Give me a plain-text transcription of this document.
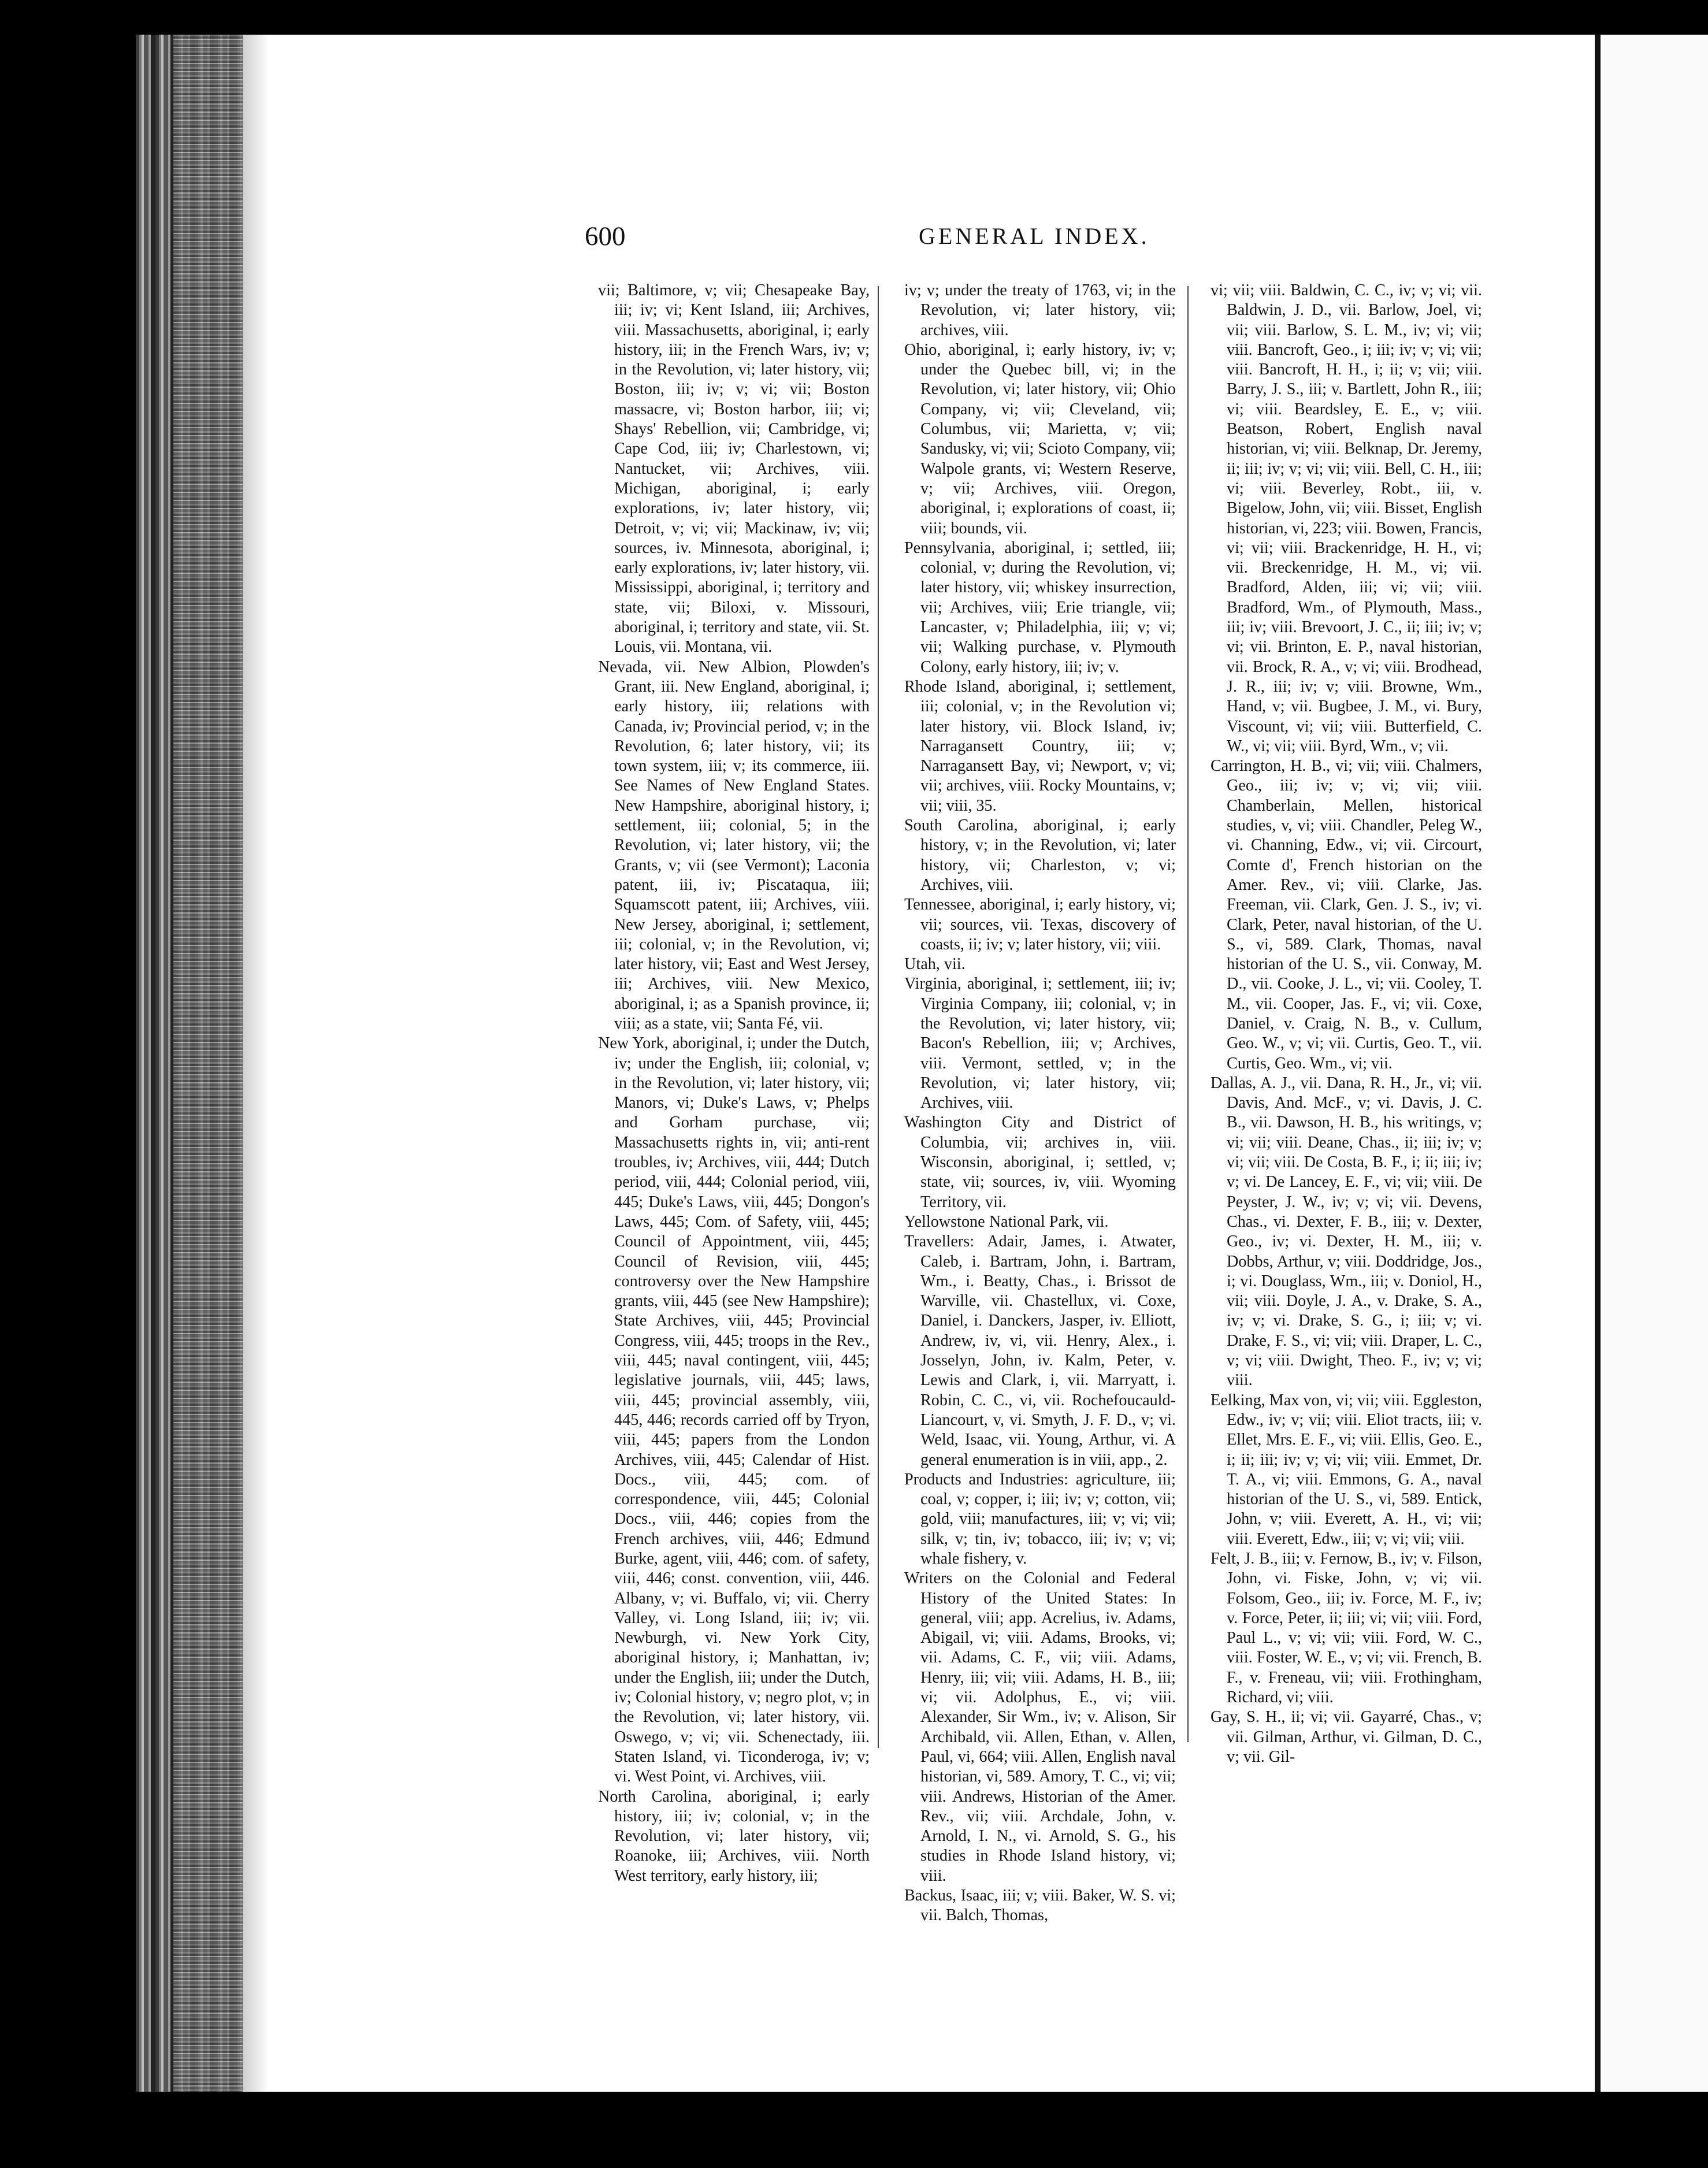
600	GENERAL INDEX.

vii; Baltimore, v; vii; Chesapeake Bay, iii; iv; vi; Kent Island, iii; Archives, viii. Massachusetts, aboriginal, i; early history, iii; in the French Wars, iv; v; in the Revolution, vi; later history, vii; Boston, iii; iv; v; vi; vii; Boston massacre, vi; Boston harbor, iii; vi; Shays' Rebellion, vii; Cambridge, vi; Cape Cod, iii; iv; Charlestown, vi; Nantucket, vii; Archives, viii. Michigan, aboriginal, i; early explorations, iv; later history, vii; Detroit, v; vi; vii; Mackinaw, iv; vii; sources, iv. Minnesota, aboriginal, i; early explorations, iv; later history, vii. Mississippi, aboriginal, i; territory and state, vii; Biloxi, v. Missouri, aboriginal, i; territory and state, vii. St. Louis, vii. Montana, vii.

Nevada, vii. New Albion, Plowden's Grant, iii. New England, aboriginal, i; early history, iii; relations with Canada, iv; Provincial period, v; in the Revolution, 6; later history, vii; its town system, iii; v; its commerce, iii. See Names of New England States. New Hampshire, aboriginal history, i; settlement, iii; colonial, 5; in the Revolution, vi; later history, vii; the Grants, v; vii (see Vermont); Laconia patent, iii, iv; Piscataqua, iii; Squamscott patent, iii; Archives, viii. New Jersey, aboriginal, i; settlement, iii; colonial, v; in the Revolution, vi; later history, vii; East and West Jersey, iii; Archives, viii. New Mexico, aboriginal, i; as a Spanish province, ii; viii; as a state, vii; Santa Fé, vii.

New York, aboriginal, i; under the Dutch, iv; under the English, iii; colonial, v; in the Revolution, vi; later history, vii; Manors, vi; Duke's Laws, v; Phelps and Gorham purchase, vii; Massachusetts rights in, vii; anti-rent troubles, iv; Archives, viii, 444; Dutch period, viii, 444; Colonial period, viii, 445; Duke's Laws, viii, 445; Dongon's Laws, 445; Com. of Safety, viii, 445; Council of Appointment, viii, 445; Council of Revision, viii, 445; controversy over the New Hampshire grants, viii, 445 (see New Hampshire); State Archives, viii, 445; Provincial Congress, viii, 445; troops in the Rev., viii, 445; naval contingent, viii, 445; legislative journals, viii, 445; laws, viii, 445; provincial assembly, viii, 445, 446; records carried off by Tryon, viii, 445; papers from the London Archives, viii, 445; Calendar of Hist. Docs., viii, 445; com. of correspondence, viii, 445; Colonial Docs., viii, 446; copies from the French archives, viii, 446; Edmund Burke, agent, viii, 446; com. of safety, viii, 446; const. convention, viii, 446. Albany, v; vi. Buffalo, vi; vii. Cherry Valley, vi. Long Island, iii; iv; vii. Newburgh, vi. New York City, aboriginal history, i; Manhattan, iv; under the English, iii; under the Dutch, iv; Colonial history, v; negro plot, v; in the Revolution, vi; later history, vii. Oswego, v; vi; vii. Schenectady, iii. Staten Island, vi. Ticonderoga, iv; v; vi. West Point, vi. Archives, viii.

North Carolina, aboriginal, i; early history, iii; iv; colonial, v; in the Revolution, vi; later history, vii; Roanoke, iii; Archives, viii. North West territory, early history, iii;

iv; v; under the treaty of 1763, vi; in the Revolution, vi; later history, vii; archives, viii.

Ohio, aboriginal, i; early history, iv; v; under the Quebec bill, vi; in the Revolution, vi; later history, vii; Ohio Company, vi; vii; Cleveland, vii; Columbus, vii; Marietta, v; vii; Sandusky, vi; vii; Scioto Company, vii; Walpole grants, vi; Western Reserve, v; vii; Archives, viii. Oregon, aboriginal, i; explorations of coast, ii; viii; bounds, vii.

Pennsylvania, aboriginal, i; settled, iii; colonial, v; during the Revolution, vi; later history, vii; whiskey insurrection, vii; Archives, viii; Erie triangle, vii; Lancaster, v; Philadelphia, iii; v; vi; vii; Walking purchase, v. Plymouth Colony, early history, iii; iv; v.

Rhode Island, aboriginal, i; settlement, iii; colonial, v; in the Revolution vi; later history, vii. Block Island, iv; Narragansett Country, iii; v; Narragansett Bay, vi; Newport, v; vi; vii; archives, viii. Rocky Mountains, v; vii; viii, 35.

South Carolina, aboriginal, i; early history, v; in the Revolution, vi; later history, vii; Charleston, v; vi; Archives, viii.

Tennessee, aboriginal, i; early history, vi; vii; sources, vii. Texas, discovery of coasts, ii; iv; v; later history, vii; viii.

Utah, vii.

Virginia, aboriginal, i; settlement, iii; iv; Virginia Company, iii; colonial, v; in the Revolution, vi; later history, vii; Bacon's Rebellion, iii; v; Archives, viii. Vermont, settled, v; in the Revolution, vi; later history, vii; Archives, viii.

Washington City and District of Columbia, vii; archives in, viii. Wisconsin, aboriginal, i; settled, v; state, vii; sources, iv, viii. Wyoming Territory, vii.

Yellowstone National Park, vii.

Travellers: Adair, James, i. Atwater, Caleb, i. Bartram, John, i. Bartram, Wm., i. Beatty, Chas., i. Brissot de Warville, vii. Chastellux, vi. Coxe, Daniel, i. Danckers, Jasper, iv. Elliott, Andrew, iv, vi, vii. Henry, Alex., i. Josselyn, John, iv. Kalm, Peter, v. Lewis and Clark, i, vii. Marryatt, i. Robin, C. C., vi, vii. Rochefoucauld-Liancourt, v, vi. Smyth, J. F. D., v; vi. Weld, Isaac, vii. Young, Arthur, vi. A general enumeration is in viii, app., 2.

Products and Industries: agriculture, iii; coal, v; copper, i; iii; iv; v; cotton, vii; gold, viii; manufactures, iii; v; vi; vii; silk, v; tin, iv; tobacco, iii; iv; v; vi; whale fishery, v.

Writers on the Colonial and Federal History of the United States: In general, viii; app. Acrelius, iv. Adams, Abigail, vi; viii. Adams, Brooks, vi; vii. Adams, C. F., vii; viii. Adams, Henry, iii; vii; viii. Adams, H. B., iii; vi; vii. Adolphus, E., vi; viii. Alexander, Sir Wm., iv; v. Alison, Sir Archibald, vii. Allen, Ethan, v. Allen, Paul, vi, 664; viii. Allen, English naval historian, vi, 589. Amory, T. C., vi; vii; viii. Andrews, Historian of the Amer. Rev., vii; viii. Archdale, John, v. Arnold, I. N., vi. Arnold, S. G., his studies in Rhode Island history, vi; viii.

Backus, Isaac, iii; v; viii. Baker, W. S. vi; vii. Balch, Thomas,

vi; vii; viii. Baldwin, C. C., iv; v; vi; vii. Baldwin, J. D., vii. Barlow, Joel, vi; vii; viii. Barlow, S. L. M., iv; vi; vii; viii. Bancroft, Geo., i; iii; iv; v; vi; vii; viii. Bancroft, H. H., i; ii; v; vii; viii. Barry, J. S., iii; v. Bartlett, John R., iii; vi; viii. Beardsley, E. E., v; viii. Beatson, Robert, English naval historian, vi; viii. Belknap, Dr. Jeremy, ii; iii; iv; v; vi; vii; viii. Bell, C. H., iii; vi; viii. Beverley, Robt., iii, v. Bigelow, John, vii; viii. Bisset, English historian, vi, 223; viii. Bowen, Francis, vi; vii; viii. Brackenridge, H. H., vi; vii. Breckenridge, H. M., vi; vii. Bradford, Alden, iii; vi; vii; viii. Bradford, Wm., of Plymouth, Mass., iii; iv; viii. Brevoort, J. C., ii; iii; iv; v; vi; vii. Brinton, E. P., naval historian, vii. Brock, R. A., v; vi; viii. Brodhead, J. R., iii; iv; v; viii. Browne, Wm., Hand, v; vii. Bugbee, J. M., vi. Bury, Viscount, vi; vii; viii. Butterfield, C. W., vi; vii; viii. Byrd, Wm., v; vii.

Carrington, H. B., vi; vii; viii. Chalmers, Geo., iii; iv; v; vi; vii; viii. Chamberlain, Mellen, historical studies, v, vi; viii. Chandler, Peleg W., vi. Channing, Edw., vi; vii. Circourt, Comte d', French historian on the Amer. Rev., vi; viii. Clarke, Jas. Freeman, vii. Clark, Gen. J. S., iv; vi. Clark, Peter, naval historian, of the U. S., vi, 589. Clark, Thomas, naval historian of the U. S., vii. Conway, M. D., vii. Cooke, J. L., vi; vii. Cooley, T. M., vii. Cooper, Jas. F., vi; vii. Coxe, Daniel, v. Craig, N. B., v. Cullum, Geo. W., v; vi; vii. Curtis, Geo. T., vii. Curtis, Geo. Wm., vi; vii.

Dallas, A. J., vii. Dana, R. H., Jr., vi; vii. Davis, And. McF., v; vi. Davis, J. C. B., vii. Dawson, H. B., his writings, v; vi; vii; viii. Deane, Chas., ii; iii; iv; v; vi; vii; viii. De Costa, B. F., i; ii; iii; iv; v; vi. De Lancey, E. F., vi; vii; viii. De Peyster, J. W., iv; v; vi; vii. Devens, Chas., vi. Dexter, F. B., iii; v. Dexter, Geo., iv; vi. Dexter, H. M., iii; v. Dobbs, Arthur, v; viii. Doddridge, Jos., i; vi. Douglass, Wm., iii; v. Doniol, H., vii; viii. Doyle, J. A., v. Drake, S. A., iv; v; vi. Drake, S. G., i; iii; v; vi. Drake, F. S., vi; vii; viii. Draper, L. C., v; vi; viii. Dwight, Theo. F., iv; v; vi; viii.

Eelking, Max von, vi; vii; viii. Eggleston, Edw., iv; v; vii; viii. Eliot tracts, iii; v. Ellet, Mrs. E. F., vi; viii. Ellis, Geo. E., i; ii; iii; iv; v; vi; vii; viii. Emmet, Dr. T. A., vi; viii. Emmons, G. A., naval historian of the U. S., vi, 589. Entick, John, v; viii. Everett, A. H., vi; vii; viii. Everett, Edw., iii; v; vi; vii; viii.

Felt, J. B., iii; v. Fernow, B., iv; v. Filson, John, vi. Fiske, John, v; vi; vii. Folsom, Geo., iii; iv. Force, M. F., iv; v. Force, Peter, ii; iii; vi; vii; viii. Ford, Paul L., v; vi; vii; viii. Ford, W. C., viii. Foster, W. E., v; vi; vii. French, B. F., v. Freneau, vii; viii. Frothingham, Richard, vi; viii.

Gay, S. H., ii; vi; vii. Gayarré, Chas., v; vii. Gilman, Arthur, vi. Gilman, D. C., v; vii. Gil-
